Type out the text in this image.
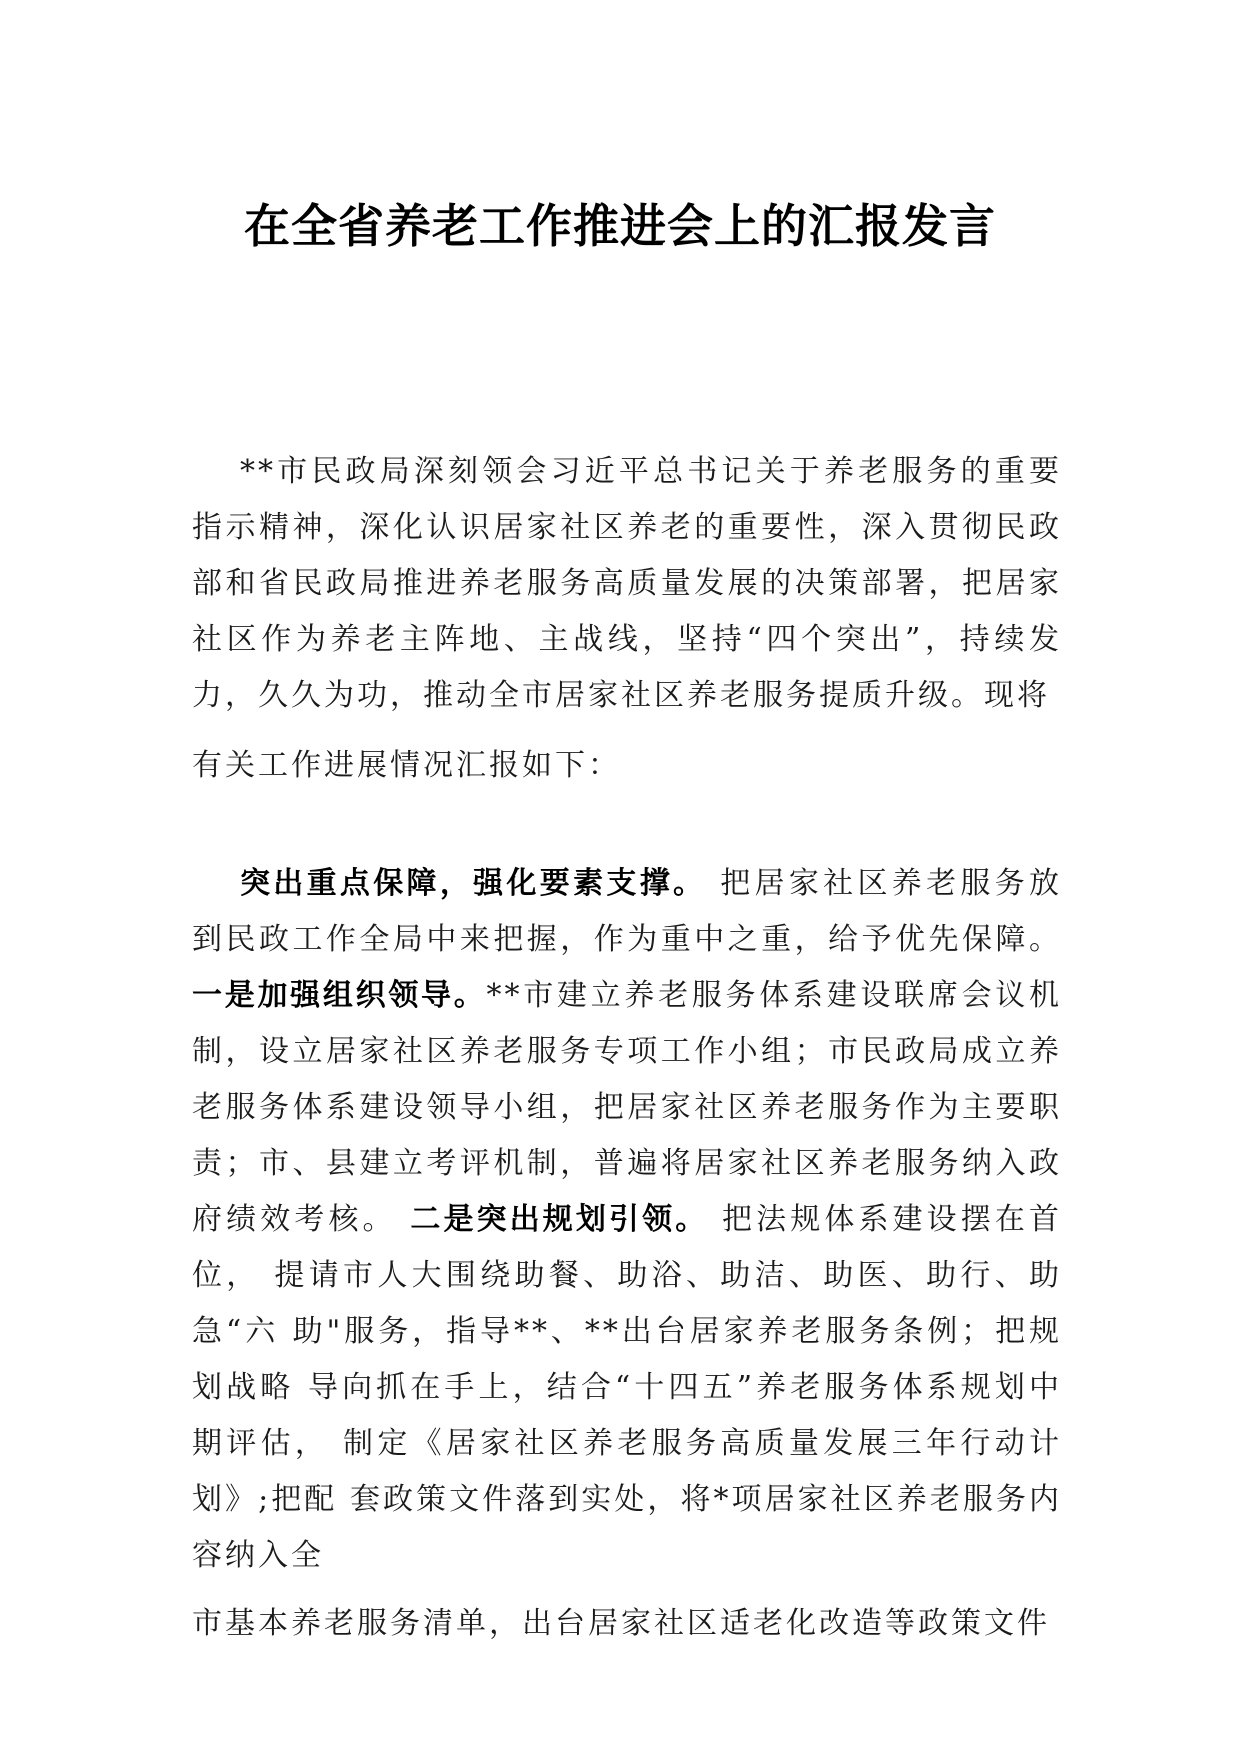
在全省养老工作推进会上的汇报发言

**市民政局深刻领会习近平总书记关于养老服务的重要指示精神，深化认识居家社区养老的重要性，深入贯彻民政部和省民政局推进养老服务高质量发展的决策部署，把居家社区作为养老主阵地、主战线，坚持“四个突出”，持续发力，久久为功，推动全市居家社区养老服务提质升级。现将
有关工作进展情况汇报如下：

突出重点保障，强化要素支撑。 把居家社区养老服务放到民政工作全局中来把握，作为重中之重，给予优先保障。一是加强组织领导。**市建立养老服务体系建设联席会议机制，设立居家社区养老服务专项工作小组；市民政局成立养老服务体系建设领导小组，把居家社区养老服务作为主要职责；市、县建立考评机制，普遍将居家社区养老服务纳入政府绩效考核。 二是突出规划引领。 把法规体系建设摆在首位， 提请市人大围绕助餐、助浴、助洁、助医、助行、助急“六 助"服务，指导**、**出台居家养老服务条例；把规划战略 导向抓在手上，结合“十四五”养老服务体系规划中期评估， 制定《居家社区养老服务高质量发展三年行动计划》;把配 套政策文件落到实处，将*项居家社区养老服务内容纳入全

市基本养老服务清单，出台居家社区适老化改造等政策文件
